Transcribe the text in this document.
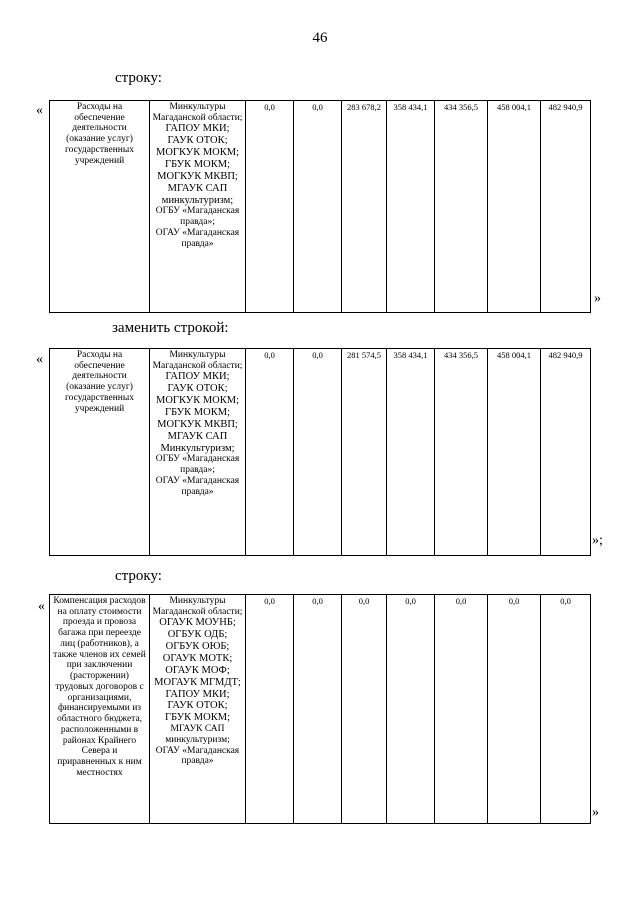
46
строку:
«	Расходы на обеспечение деятельности (оказание услуг) государственных учреждений	
Минкультуры Магаданской области;
ГАПОУ МКИ;
ГАУК ОТОК;
МОГКУК МОКМ;
ГБУК МОКМ;
МОГКУК МКВП;
МГАУК САП минкультуризм;
ОГБУ «Магаданская правда»;
ОГАУ «Магаданская правда»
	0,0	0,0	283 678,2	358 434,1	434 356,5	458 004,1	482 940,9
»
заменить строкой:
«	Расходы на обеспечение деятельности (оказание услуг) государственных учреждений	
Минкультуры Магаданской области;
ГАПОУ МКИ;
ГАУК ОТОК;
МОГКУК МОКМ;
ГБУК МОКМ;
МОГКУК МКВП;
МГАУК САП Минкультуризм;
ОГБУ «Магаданская правда»;
ОГАУ «Магаданская правда»
	0,0	0,0	281 574,5	358 434,1	434 356,5	458 004,1	482 940,9
»;
строку:
« Компенсация расходов на оплату стоимости проезда и провоза багажа при переезде лиц (работников), а также членов их семей при заключении (расторжении) трудовых договоров с организациями, финансируемыми из областного бюджета, расположенными в районах Крайнего Севера и приравненных к ним местностях	
Минкультуры Магаданской области;
ОГАУК МОУНБ;
ОГБУК ОДБ;
ОГБУК ОЮБ;
ОГАУК МОТК;
ОГАУК МОФ;
МОГАУК МГМДТ;
ГАПОУ МКИ;
ГАУК ОТОК;
ГБУК МОКМ;
МГАУК САП минкультуризм;
ОГАУ «Магаданская правда»
	0,0	0,0	0,0	0,0	0,0	0,0	0,0
»
